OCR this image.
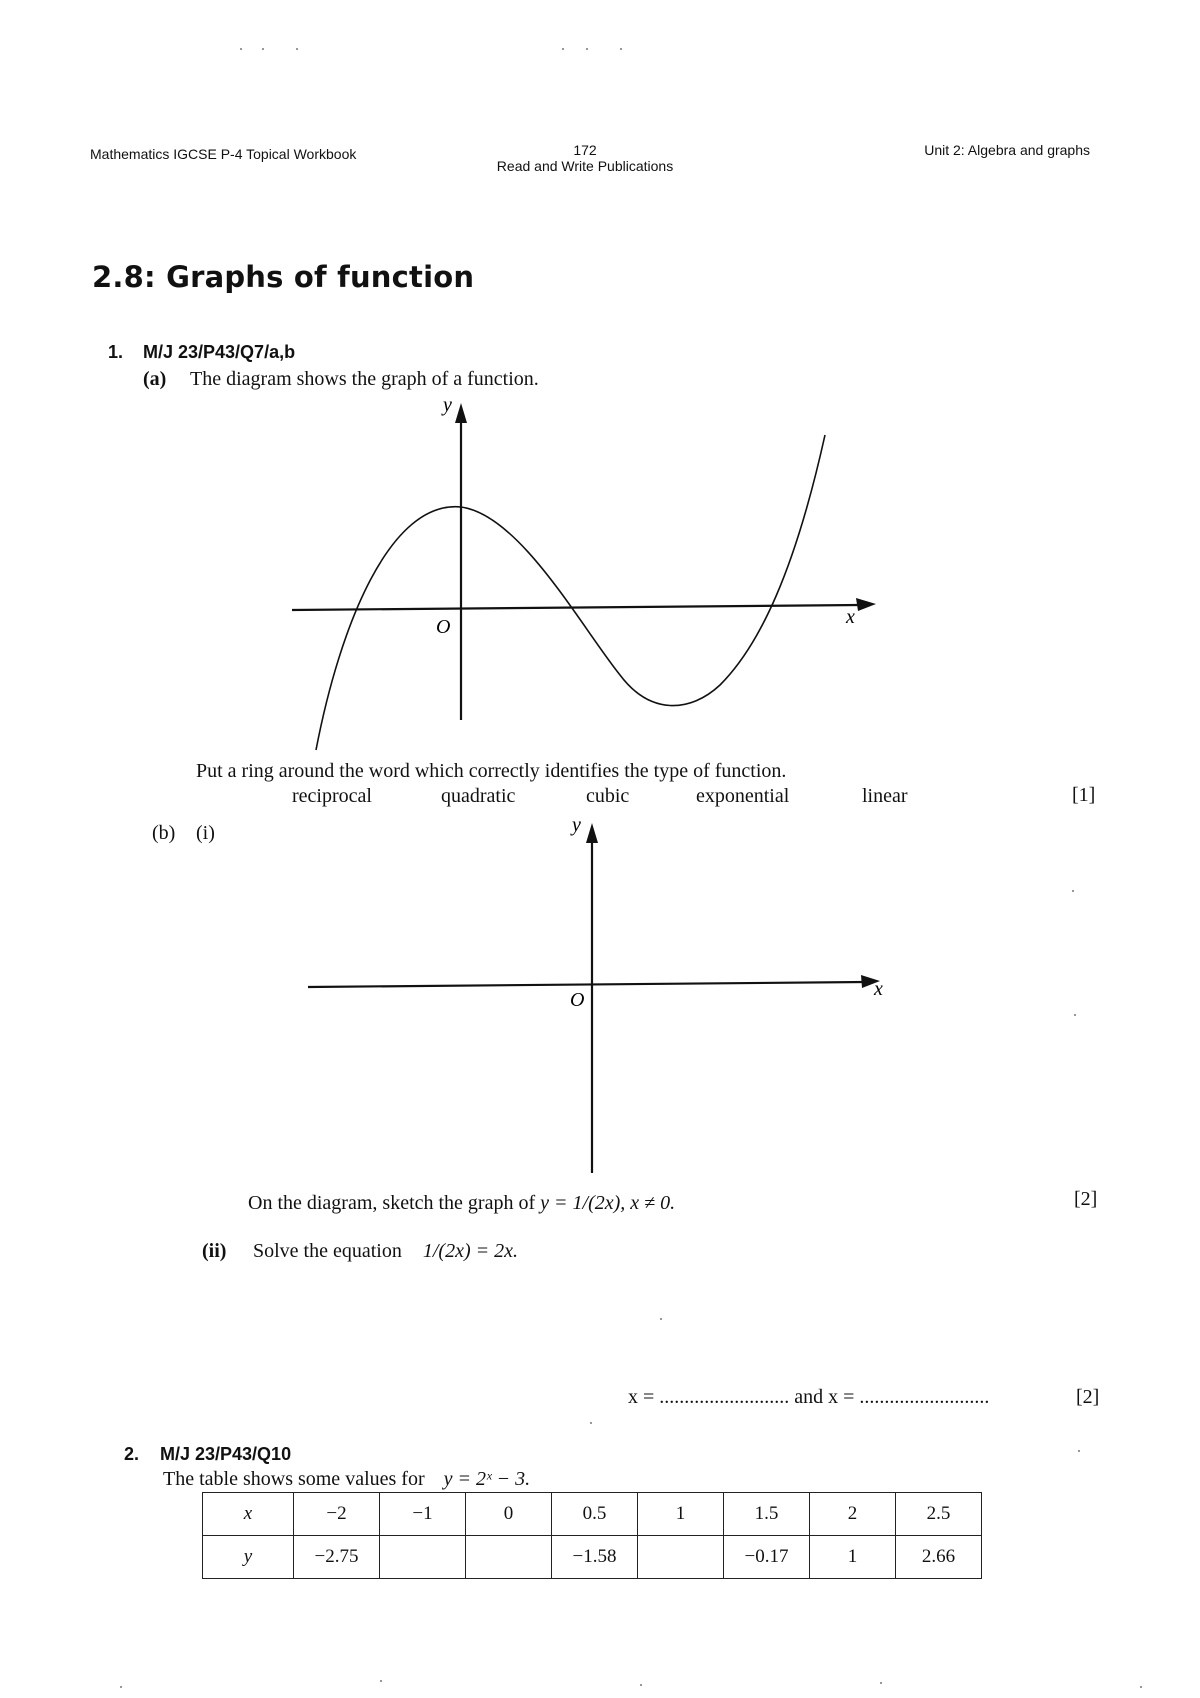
Mathematics IGCSE P-4 Topical Workbook	172
Read and Write Publications
Unit 2: Algebra and graphs
2.8: Graphs of function
1. M/J 23/P43/Q7/a,b
(a) The diagram shows the graph of a function.
x
y
O
Put a ring around the word which correctly identifies the type of function.
reciprocal	quadratic	cubic	exponential	linear	[1]
(b) (i)
x
y
O
On the diagram, sketch the graph of y = 1/(2x), x ≠ 0.	[2]
(ii) Solve the equation 1/(2x) = 2x.
x = .......................... and x = ..........................	[2]
2. M/J 23/P43/Q10
The table shows some values for y = 2ˣ − 3.
x	−2	−1	0	0.5	1	1.5	2	2.5
y	−2.75			−1.58		−0.17	1	2.66
